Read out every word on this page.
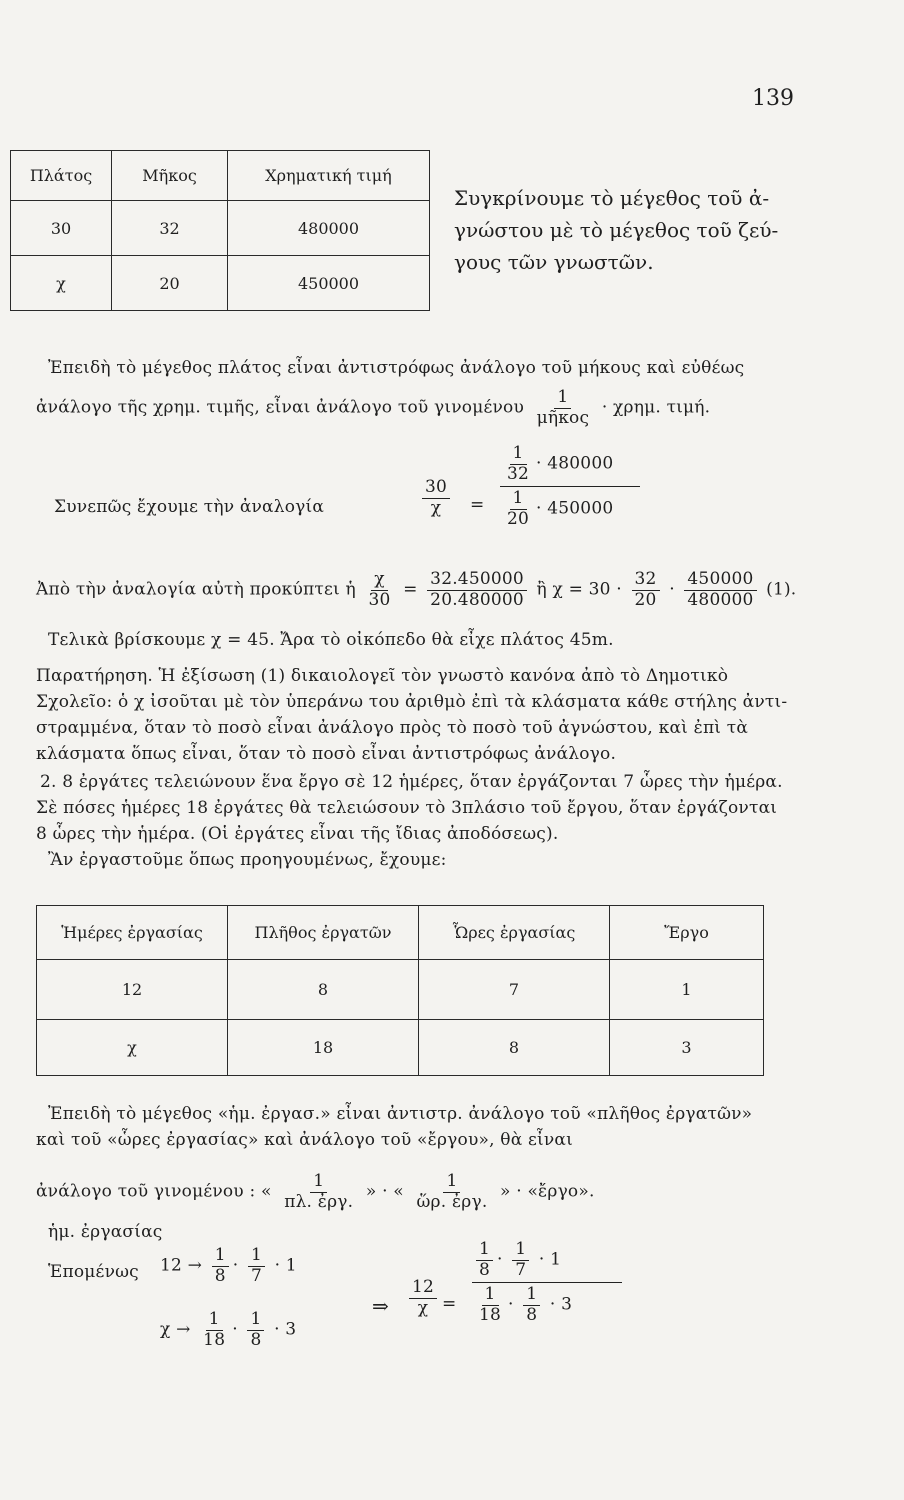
139
Πλάτος	Μῆκος	Χρηματική τιμή
30	32	480000
χ	20	450000
Συγκρίνουμε τὸ μέγεθος τοῦ ἀ-
γνώστου μὲ τὸ μέγεθος τοῦ ζεύ-
γους τῶν γνωστῶν.
Ἐπειδὴ τὸ μέγεθος πλάτος εἶναι ἀντιστρόφως ἀνάλογο τοῦ μήκους καὶ εὐθέως
ἀνάλογο τῆς χρημ. τιμῆς, εἶναι ἀνάλογο τοῦ γινομένου $\frac{1}{\text{μῆκος}} \cdot \chi\rho\eta\mu$. τιμή.
Συνεπῶς ἔχουμε τὴν ἀναλογία	$\frac{30}{\chi} = \frac{\frac{1}{32} \cdot 480000}{\frac{1}{20} \cdot 450000}$
Ἀπὸ τὴν ἀναλογία αὐτὴ προκύπτει ἡ $\frac{\chi}{30} = \frac{32.450000}{20.480000}$ ἢ $\chi = 30 \cdot \frac{32}{20} \cdot \frac{450000}{480000} (1)$.
Τελικὰ βρίσκουμε χ = 45. Ἄρα τὸ οἰκόπεδο θὰ εἶχε πλάτος 45m.
Παρατήρηση. Ἡ ἐξίσωση (1) δικαιολογεῖ τὸν γνωστὸ κανόνα ἀπὸ τὸ Δημοτικὸ
Σχολεῖο: ὁ χ ἰσοῦται μὲ τὸν ὑπεράνω του ἀριθμὸ ἐπὶ τὰ κλάσματα κάθε στήλης ἀντι-
στραμμένα, ὅταν τὸ ποσὸ εἶναι ἀνάλογο πρὸς τὸ ποσὸ τοῦ ἀγνώστου, καὶ ἐπὶ τὰ
κλάσματα ὅπως εἶναι, ὅταν τὸ ποσὸ εἶναι ἀντιστρόφως ἀνάλογο.
2. 8 ἐργάτες τελειώνουν ἕνα ἔργο σὲ 12 ἡμέρες, ὅταν ἐργάζονται 7 ὧρες τὴν ἡμέρα.
Σὲ πόσες ἡμέρες 18 ἐργάτες θὰ τελειώσουν τὸ 3πλάσιο τοῦ ἔργου, ὅταν ἐργάζονται
8 ὧρες τὴν ἡμέρα. (Οἱ ἐργάτες εἶναι τῆς ἴδιας ἀποδόσεως).
Ἂν ἐργαστοῦμε ὅπως προηγουμένως, ἔχουμε:
Ἡμέρες ἐργασίας	Πλῆθος ἐργατῶν	Ὧρες ἐργασίας	Ἔργο
12	8	7	1
χ	18	8	3
Ἐπειδὴ τὸ μέγεθος «ἡμ. ἐργασ.» εἶναι ἀντιστρ. ἀνάλογο τοῦ «πλῆθος ἐργατῶν»
καὶ τοῦ «ὧρες ἐργασίας» καὶ ἀνάλογο τοῦ «ἔργου», θὰ εἶναι
ἀνάλογο τοῦ γινομένου : « $\frac{1}{\text{πλ. ἐργ.}}$ » · « $\frac{1}{\text{ὥρ. ἐργ.}}$ » · «ἔργο».
ἡμ. ἐργασίας
Ἑπομένως $12 \to \frac{1}{8} \cdot \frac{1}{7} \cdot 1$
$\chi \to \frac{1}{18} \cdot \frac{1}{8} \cdot 3$
⇒ $\frac{12}{\chi} = \frac{\frac{1}{8} \cdot \frac{1}{7} \cdot 1}{\frac{1}{18} \cdot \frac{1}{8} \cdot 3}$
